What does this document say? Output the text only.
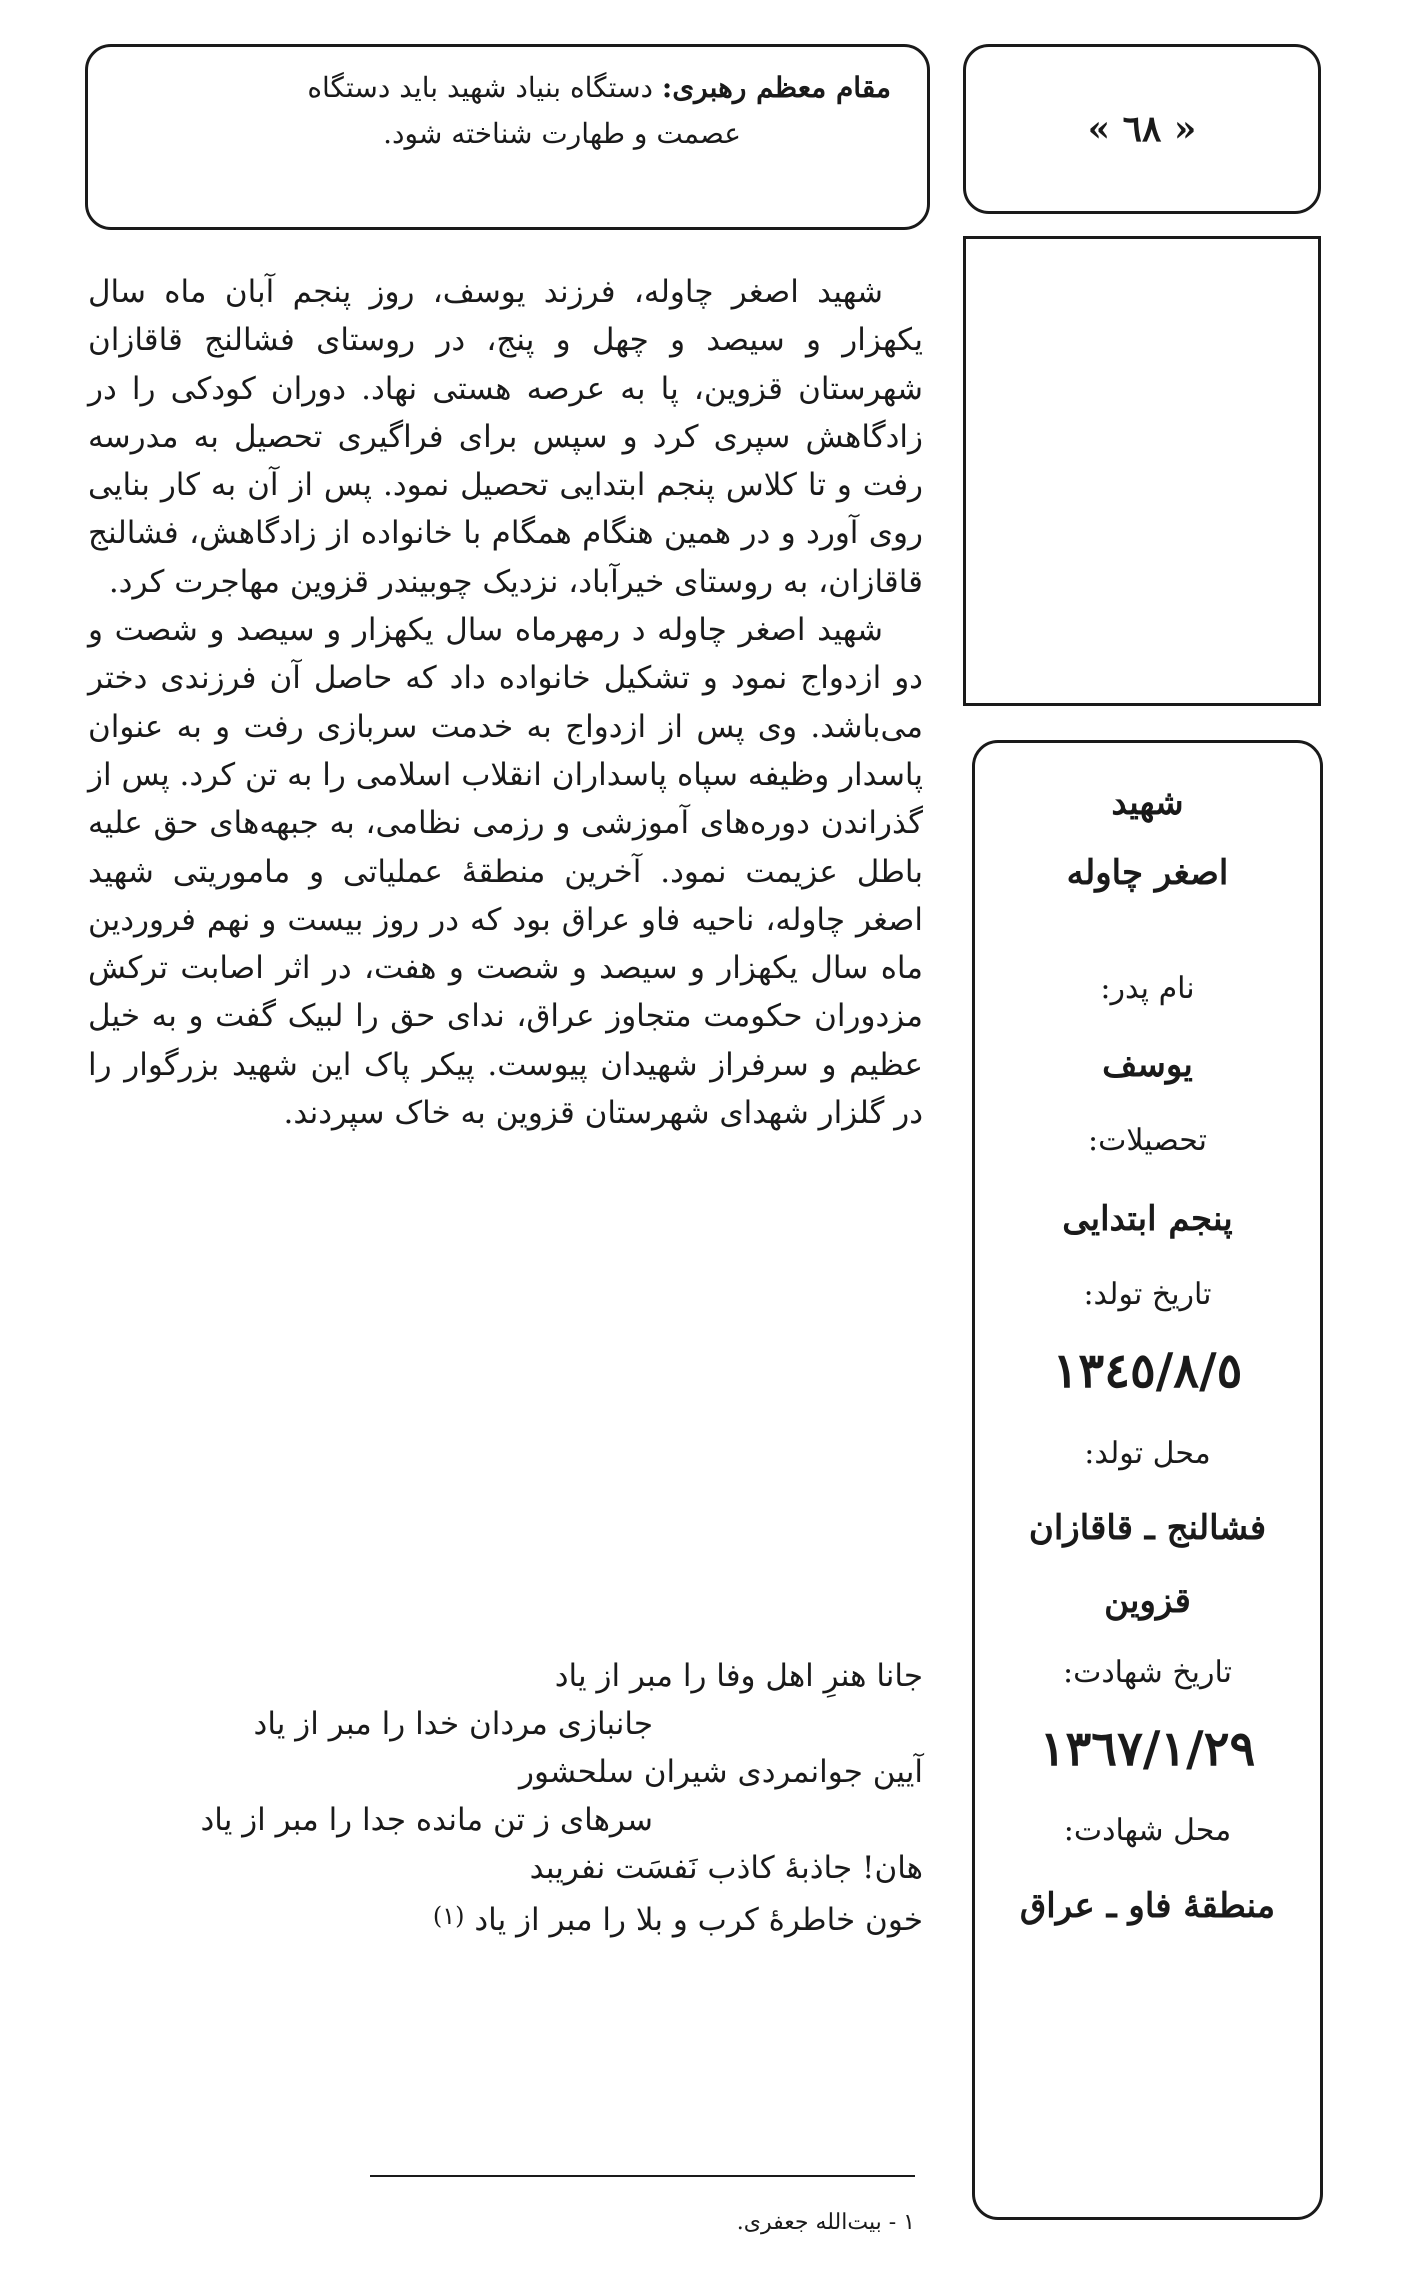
مقام معظم رهبری: دستگاه بنیاد شهید باید دستگاه
عصمت و طهارت شناخته شود.	« ٦٨ »
شهید
اصغر چاوله
نام پدر:
یوسف
تحصیلات:
پنجم ابتدایی
تاریخ تولد:
١٣٤٥/٨/٥
محل تولد:
فشالنج ـ قاقازان
قزوین
تاریخ شهادت:
١٣٦٧/١/٢٩
محل شهادت:
منطقهٔ فاو ـ عراق

شهید اصغر چاوله، فرزند یوسف، روز پنجم آبان ماه سال یکهزار و سیصد و چهل و پنج، در روستای فشالنج قاقازان شهرستان قزوین، پا به عرصه هستی نهاد. دوران کودکی را در زادگاهش سپری کرد و سپس برای فراگیری تحصیل به مدرسه رفت و تا کلاس پنجم ابتدایی تحصیل نمود. پس از آن به کار بنایی روی آورد و در همین هنگام همگام با خانواده از زادگاهش، فشالنج قاقازان، به روستای خیرآباد، نزدیک چوبیندر قزوین مهاجرت کرد.

شهید اصغر چاوله د رمهرماه سال یکهزار و سیصد و شصت و دو ازدواج نمود و تشکیل خانواده داد که حاصل آن فرزندی دختر می‌باشد. وی پس از ازدواج به خدمت سربازی رفت و به عنوان پاسدار وظیفه سپاه پاسداران انقلاب اسلامی را به تن کرد. پس از گذراندن دوره‌های آموزشی و رزمی نظامی، به جبهه‌های حق علیه باطل عزیمت نمود. آخرین منطقهٔ عملیاتی و ماموریتی شهید اصغر چاوله، ناحیه فاو عراق بود که در روز بیست و نهم فروردین ماه سال یکهزار و سیصد و شصت و هفت، در اثر اصابت ترکش مزدوران حکومت متجاوز عراق، ندای حق را لبیک گفت و به خیل عظیم و سرفراز شهیدان پیوست. پیکر پاک این شهید بزرگوار را در گلزار شهدای شهرستان قزوین به خاک سپردند.

جانا هنرِ اهل وفا را مبر از یاد
جانبازی مردان خدا را مبر از یاد
آیین جوانمردی شیران سلحشور
سرهای ز تن مانده جدا را مبر از یاد
هان! جاذبهٔ کاذب نَفسَت نفریبد
خون خاطرهٔ کرب و بلا را مبر از یاد $^{(١)}$
١ - بیت‌الله جعفری.
